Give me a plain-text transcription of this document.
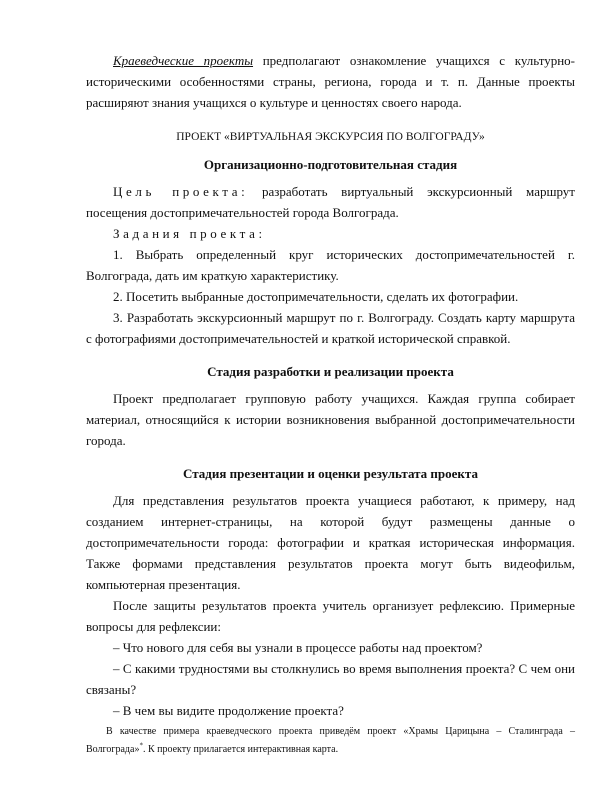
Краеведческие проекты предполагают ознакомление учащихся с культурно-историческими особенностями страны, региона, города и т. п. Данные проекты расширяют знания учащихся о культуре и ценностях своего народа.

ПРОЕКТ «ВИРТУАЛЬНАЯ ЭКСКУРСИЯ ПО ВОЛГОГРАДУ»

Организационно-подготовительная стадия

Цель проекта: разработать виртуальный экскурсионный маршрут посещения достопримечательностей города Волгограда.

Задания проекта:

1. Выбрать определенный круг исторических достопримечательностей г. Волгограда, дать им краткую характеристику.

2. Посетить выбранные достопримечательности, сделать их фотографии.

3. Разработать экскурсионный маршрут по г. Волгограду. Создать карту маршрута с фотографиями достопримечательностей и краткой исторической справкой.

Стадия разработки и реализации проекта

Проект предполагает групповую работу учащихся. Каждая группа собирает материал, относящийся к истории возникновения выбранной достопримечательности города.

Стадия презентации и оценки результата проекта

Для представления результатов проекта учащиеся работают, к примеру, над созданием интернет-страницы, на которой будут размещены данные о достопримечательности города: фотографии и краткая историческая информация. Также формами представления результатов проекта могут быть видеофильм, компьютерная презентация.

После защиты результатов проекта учитель организует рефлексию. Примерные вопросы для рефлексии:

– Что нового для себя вы узнали в процессе работы над проектом?

– С какими трудностями вы столкнулись во время выполнения проекта? С чем они связаны?

– В чем вы видите продолжение проекта?

В качестве примера краеведческого проекта приведём проект «Храмы Царицына – Сталинграда – Волгограда»*. К проекту прилагается интерактивная карта.
